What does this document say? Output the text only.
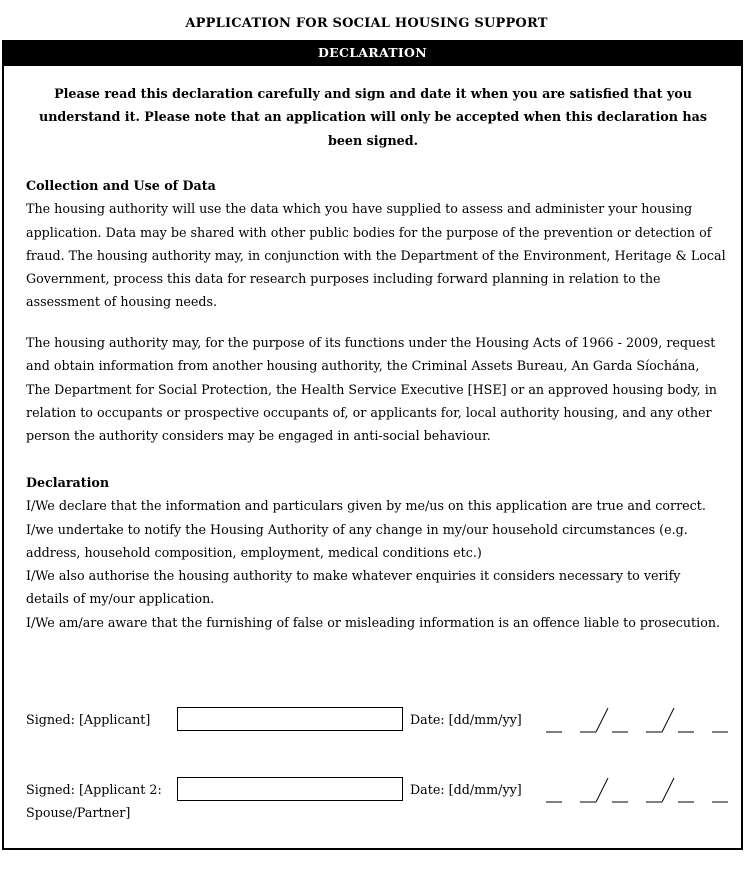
APPLICATION FOR SOCIAL HOUSING SUPPORT
DECLARATION
Please read this declaration carefully and sign and date it when you are satisfied that you understand it. Please note that an application will only be accepted when this declaration has been signed.
Collection and Use of Data

The housing authority will use the data which you have supplied to assess and administer your housing application. Data may be shared with other public bodies for the purpose of the prevention or detection of fraud. The housing authority may, in conjunction with the Department of the Environment, Heritage & Local Government, process this data for research purposes including forward planning in relation to the assessment of housing needs.

The housing authority may, for the purpose of its functions under the Housing Acts of 1966 - 2009, request and obtain information from another housing authority, the Criminal Assets Bureau, An Garda Síochána, The Department for Social Protection, the Health Service Executive [HSE] or an approved housing body, in relation to occupants or prospective occupants of, or applicants for, local authority housing, and any other person the authority considers may be engaged in anti-social behaviour.

Declaration

I/We declare that the information and particulars given by me/us on this application are true and correct.

I/we undertake to notify the Housing Authority of any change in my/our household circumstances (e.g. address, household composition, employment, medical conditions etc.)

I/We also authorise the housing authority to make whatever enquiries it considers necessary to verify details of my/our application.

I/We am/are aware that the furnishing of false or misleading information is an offence liable to prosecution.

Signed: [Applicant]	Date: [dd/mm/yy]
Signed: [Applicant 2:
Spouse/Partner]
Date: [dd/mm/yy]
